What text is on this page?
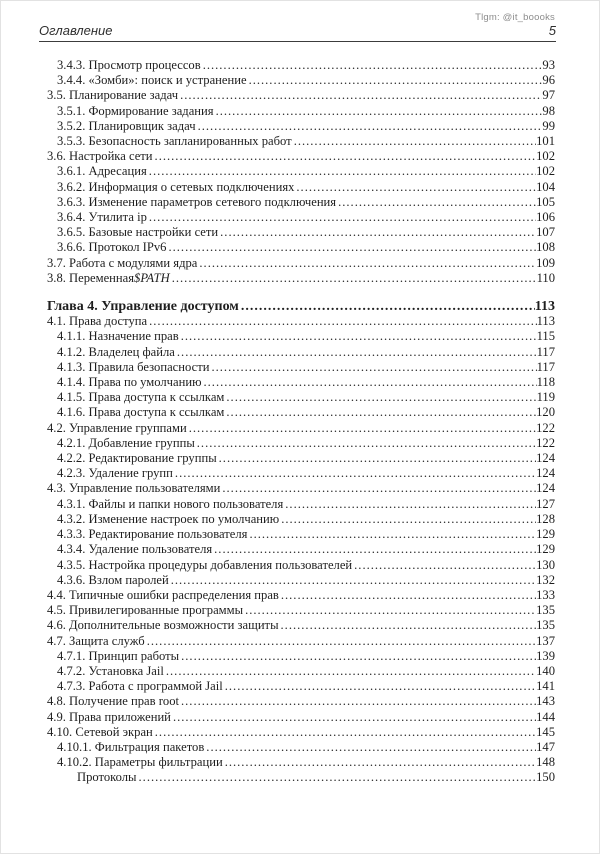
Tlgm: @it_boooks
Оглавление	5
3.4.3. Просмотр процессов .....	93
3.4.4. «Зомби»: поиск и устранение .....	96
3.5. Планирование задач .....	97
3.5.1. Формирование задания .....	98
3.5.2. Планировщик задач .....	99
3.5.3. Безопасность запланированных работ .....	101
3.6. Настройка сети .....	102
3.6.1. Адресация .....	102
3.6.2. Информация о сетевых подключениях .....	104
3.6.3. Изменение параметров сетевого подключения .....	105
3.6.4. Утилита ip .....	106
3.6.5. Базовые настройки сети .....	107
3.6.6. Протокол IPv6 .....	108
3.7. Работа с модулями ядра .....	109
3.8. Переменная $PATH .....	110
Глава 4. Управление доступом .....	113
4.1. Права доступа .....	113
4.1.1. Назначение прав .....	115
4.1.2. Владелец файла .....	117
4.1.3. Правила безопасности .....	117
4.1.4. Права по умолчанию .....	118
4.1.5. Права доступа к ссылкам .....	119
4.1.6. Права доступа к ссылкам .....	120
4.2. Управление группами .....	122
4.2.1. Добавление группы .....	122
4.2.2. Редактирование группы .....	124
4.2.3. Удаление групп .....	124
4.3. Управление пользователями .....	124
4.3.1. Файлы и папки нового пользователя .....	127
4.3.2. Изменение настроек по умолчанию .....	128
4.3.3. Редактирование пользователя .....	129
4.3.4. Удаление пользователя .....	129
4.3.5. Настройка процедуры добавления пользователей .....	130
4.3.6. Взлом паролей .....	132
4.4. Типичные ошибки распределения прав .....	133
4.5. Привилегированные программы .....	135
4.6. Дополнительные возможности защиты .....	135
4.7. Защита служб .....	137
4.7.1. Принцип работы .....	139
4.7.2. Установка Jail .....	140
4.7.3. Работа с программой Jail .....	141
4.8. Получение прав root .....	143
4.9. Права приложений .....	144
4.10. Сетевой экран .....	145
4.10.1. Фильтрация пакетов .....	147
4.10.2. Параметры фильтрации .....	148
Протоколы .....	150
